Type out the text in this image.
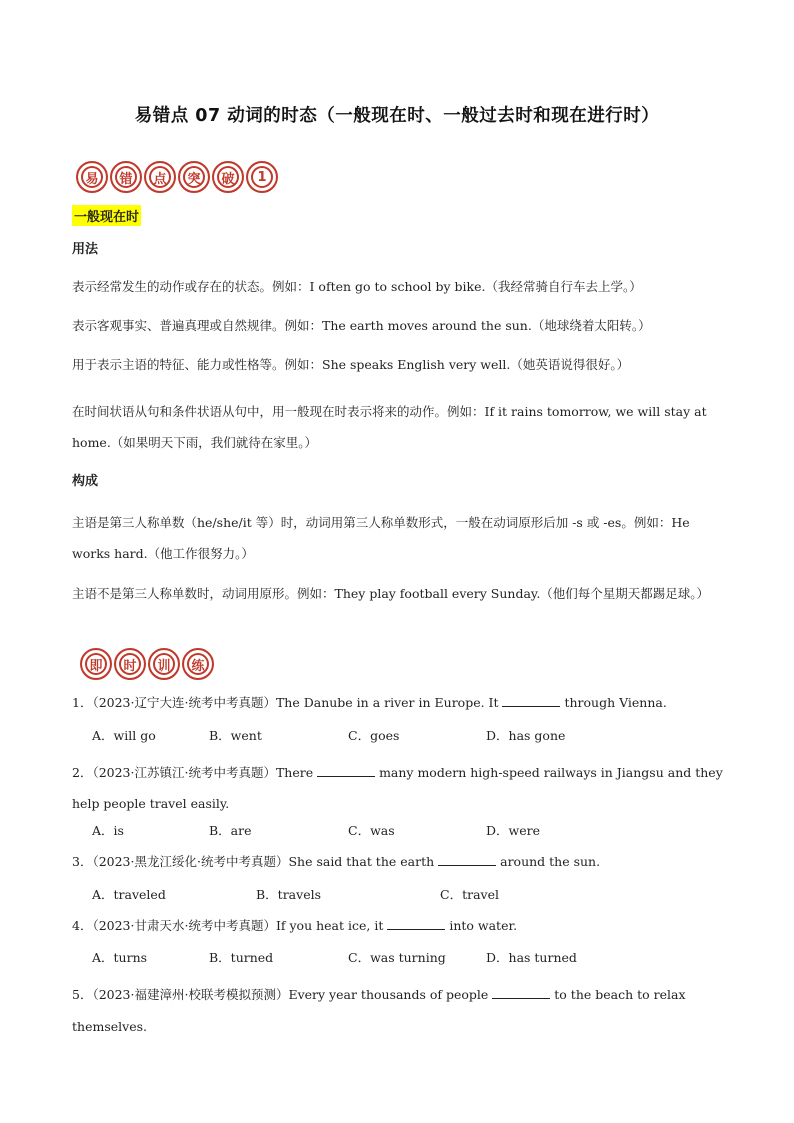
易错点 07 动词的时态（一般现在时、一般过去时和现在进行时）
易	错	点	突	破	1
一般现在时
用法
表示经常发生的动作或存在的状态。例如：I often go to school by bike.（我经常骑自行车去上学。）
表示客观事实、普遍真理或自然规律。例如：The earth moves around the sun.（地球绕着太阳转。）
用于表示主语的特征、能力或性格等。例如：She speaks English very well.（她英语说得很好。）
在时间状语从句和条件状语从句中，用一般现在时表示将来的动作。例如：If it rains tomorrow, we will stay at home.（如果明天下雨，我们就待在家里。）
构成
主语是第三人称单数（he/she/it 等）时，动词用第三人称单数形式，一般在动词原形后加 -s 或 -es。例如：He works hard.（他工作很努力。）
主语不是第三人称单数时，动词用原形。例如：They play football every Sunday.（他们每个星期天都踢足球。）
即	时	训	练
1．（2023·辽宁大连·统考中考真题）The Danube in a river in Europe. It	through Vienna.
A．will go	B．went	C．goes	D．has gone
2．（2023·江苏镇江·统考中考真题）There	many modern high-speed railways in Jiangsu and they help people travel easily.
A．is	B．are	C．was	D．were
3．（2023·黑龙江绥化·统考中考真题）She said that the earth	around the sun.
A．traveled	B．travels	C．travel
4．（2023·甘肃天水·统考中考真题）If you heat ice, it	into water.
A．turns	B．turned	C．was turning	D．has turned
5．（2023·福建漳州·校联考模拟预测）Every year thousands of people	to the beach to relax themselves.
